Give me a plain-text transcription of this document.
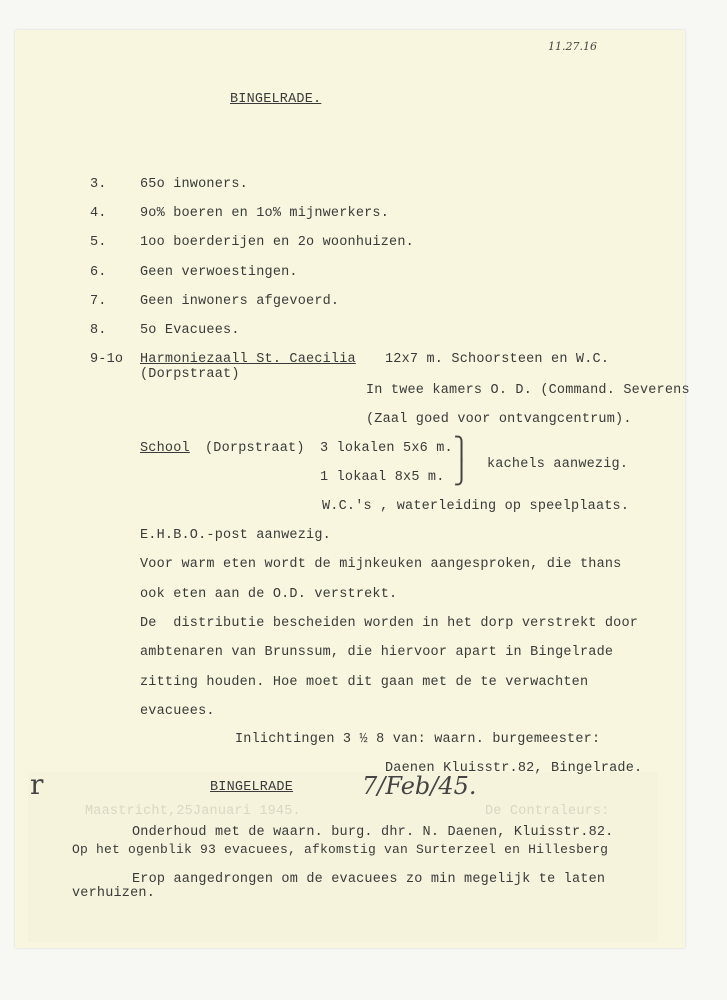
11.27.16
BINGELRADE.
3. 65o inwoners.
4. 9o% boeren en 1o% mijnwerkers.
5. 1oo boerderijen en 2o woonhuizen.
6. Geen verwoestingen.
7. Geen inwoners afgevoerd.
8. 5o Evacuees.
9-1o Harmoniezaall St. Caecilia 12x7 m. Schoorsteen en W.C.
(Dorpstraat)
In twee kamers O. D. (Command. Severens
(Zaal goed voor ontvangcentrum).
School (Dorpstraat) 3 lokalen 5x6 m.
1 lokaal 8x5 m.
⎫
⎭ kachels aanwezig.
W.C.'s , waterleiding op speelplaats.
E.H.B.O.-post aanwezig.
Voor warm eten wordt de mijnkeuken aangesproken, die thans
ook eten aan de O.D. verstrekt.
De  distributie bescheiden worden in het dorp verstrekt door
ambtenaren van Brunssum, die hiervoor apart in Bingelrade
zitting houden. Hoe moet dit gaan met de te verwachten
evacuees.
Inlichtingen 3 ½ 8 van: waarn. burgemeester:
Daenen Kluisstr.82, Bingelrade.
r	BINGELRADE	7/Feb/45.
Maastricht,25Januari 1945.	De Contraleurs:
Onderhoud met de waarn. burg. dhr. N. Daenen, Kluisstr.82.
Op het ogenblik 93 evacuees, afkomstig van Surterzeel en Hillesberg
Erop aangedrongen om de evacuees zo min megelijk te laten
verhuizen.
